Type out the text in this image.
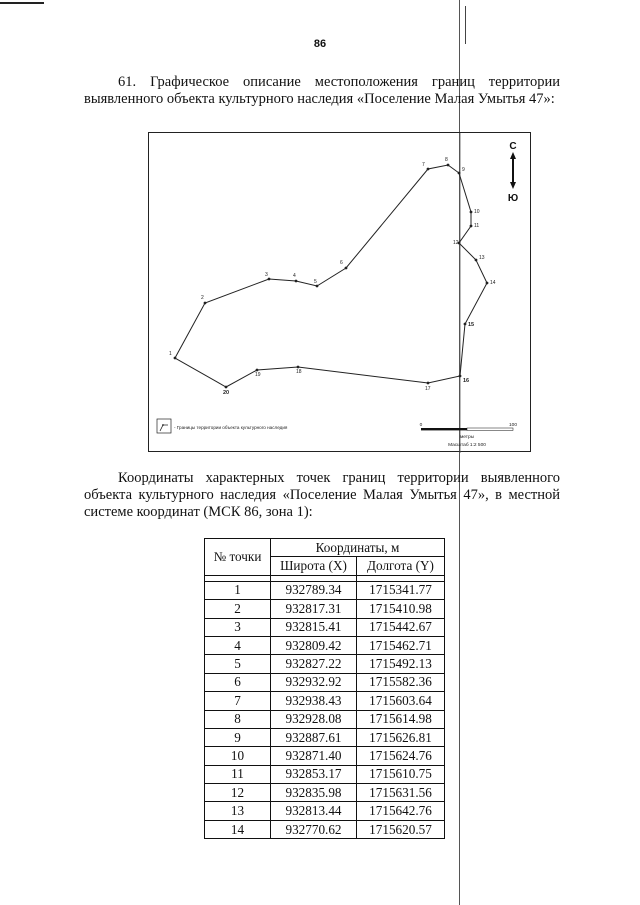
86

61. Графическое описание местоположения границ территории выявленного объекта культурного наследия «Поселение Малая Умытья 47»:

1
2
3	4
5
6
7
8
9
10
11
12
13
14
15
16
17
18
19
20
С
Ю
- Границы территории объекта культурного наследия	0	100
метры
Масштаб 1:2 500

Координаты характерных точек границ территории выявленного объекта культурного наследия «Поселение Малая Умытья 47», в местной системе координат (МСК 86, зона 1):

№ точки	Координаты, м	
	Широта (X)	Долгота (Y)

1	932789.34	1715341.77
2	932817.31	1715410.98
3	932815.41	1715442.67
4	932809.42	1715462.71
5	932827.22	1715492.13
6	932932.92	1715582.36
7	932938.43	1715603.64
8	932928.08	1715614.98
9	932887.61	1715626.81
10	932871.40	1715624.76
11	932853.17	1715610.75
12	932835.98	1715631.56
13	932813.44	1715642.76
14	932770.62	1715620.57
